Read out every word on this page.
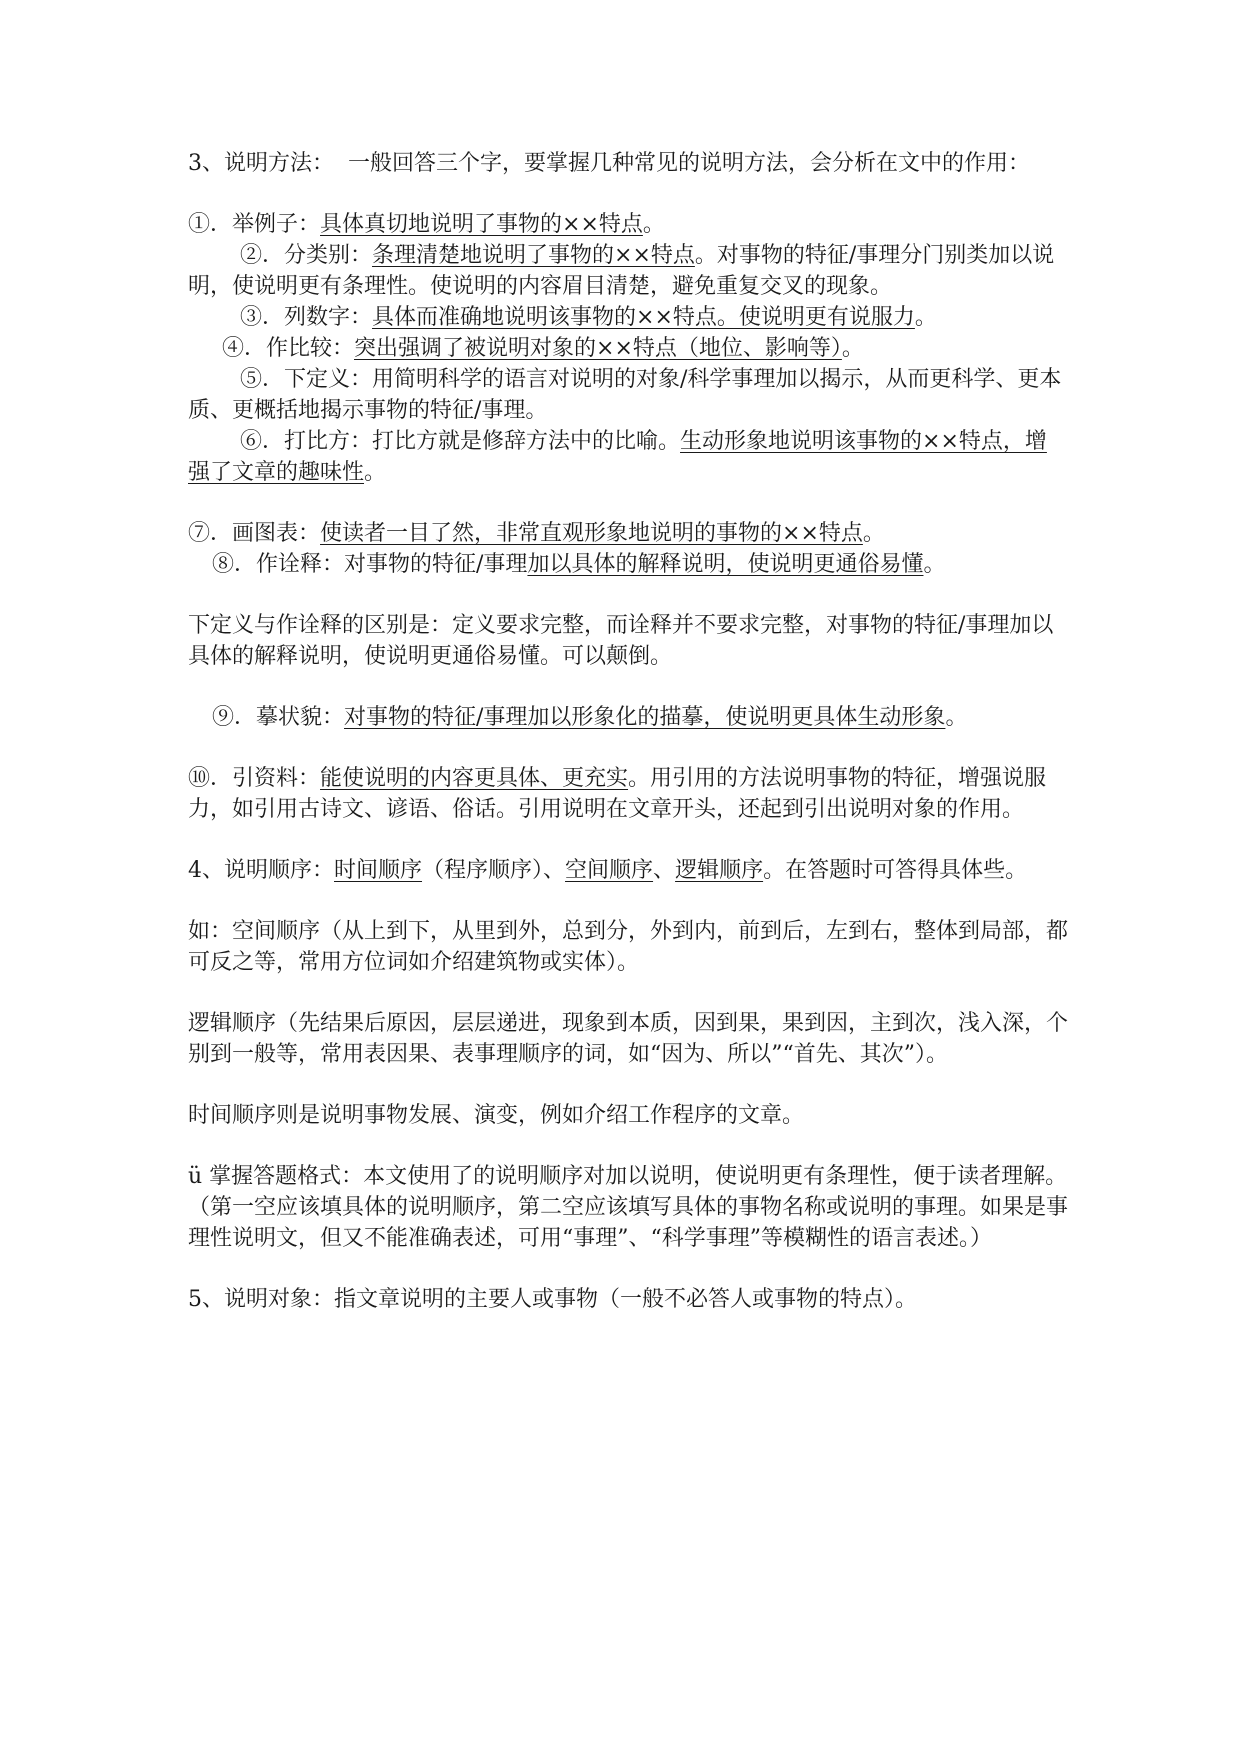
3、说明方法： 一般回答三个字，要掌握几种常见的说明方法，会分析在文中的作用：

①．举例子：具体真切地说明了事物的××特点。

②．分类别：条理清楚地说明了事物的××特点。对事物的特征/事理分门别类加以说明，使说明更有条理性。使说明的内容眉目清楚，避免重复交叉的现象。

③．列数字：具体而准确地说明该事物的××特点。使说明更有说服力。

④．作比较：突出强调了被说明对象的××特点（地位、影响等）。

⑤．下定义：用简明科学的语言对说明的对象/科学事理加以揭示，从而更科学、更本质、更概括地揭示事物的特征/事理。

⑥．打比方：打比方就是修辞方法中的比喻。生动形象地说明该事物的××特点，增强了文章的趣味性。

⑦．画图表：使读者一目了然，非常直观形象地说明的事物的××特点。

⑧．作诠释：对事物的特征/事理加以具体的解释说明，使说明更通俗易懂。

下定义与作诠释的区别是：定义要求完整，而诠释并不要求完整，对事物的特征/事理加以具体的解释说明，使说明更通俗易懂。可以颠倒。

⑨．摹状貌：对事物的特征/事理加以形象化的描摹，使说明更具体生动形象。

⑩．引资料：能使说明的内容更具体、更充实。用引用的方法说明事物的特征，增强说服力，如引用古诗文、谚语、俗话。引用说明在文章开头，还起到引出说明对象的作用。

4、说明顺序：时间顺序（程序顺序）、空间顺序、逻辑顺序。在答题时可答得具体些。

如：空间顺序（从上到下，从里到外，总到分，外到内，前到后，左到右，整体到局部，都可反之等，常用方位词如介绍建筑物或实体）。

逻辑顺序（先结果后原因，层层递进，现象到本质，因到果，果到因，主到次，浅入深，个别到一般等，常用表因果、表事理顺序的词，如“因为、所以”“首先、其次”）。

时间顺序则是说明事物发展、演变，例如介绍工作程序的文章。

ü 掌握答题格式：本文使用了的说明顺序对加以说明，使说明更有条理性，便于读者理解。（第一空应该填具体的说明顺序，第二空应该填写具体的事物名称或说明的事理。如果是事理性说明文，但又不能准确表述，可用“事理”、“科学事理”等模糊性的语言表述。）

5、说明对象：指文章说明的主要人或事物（一般不必答人或事物的特点）。
